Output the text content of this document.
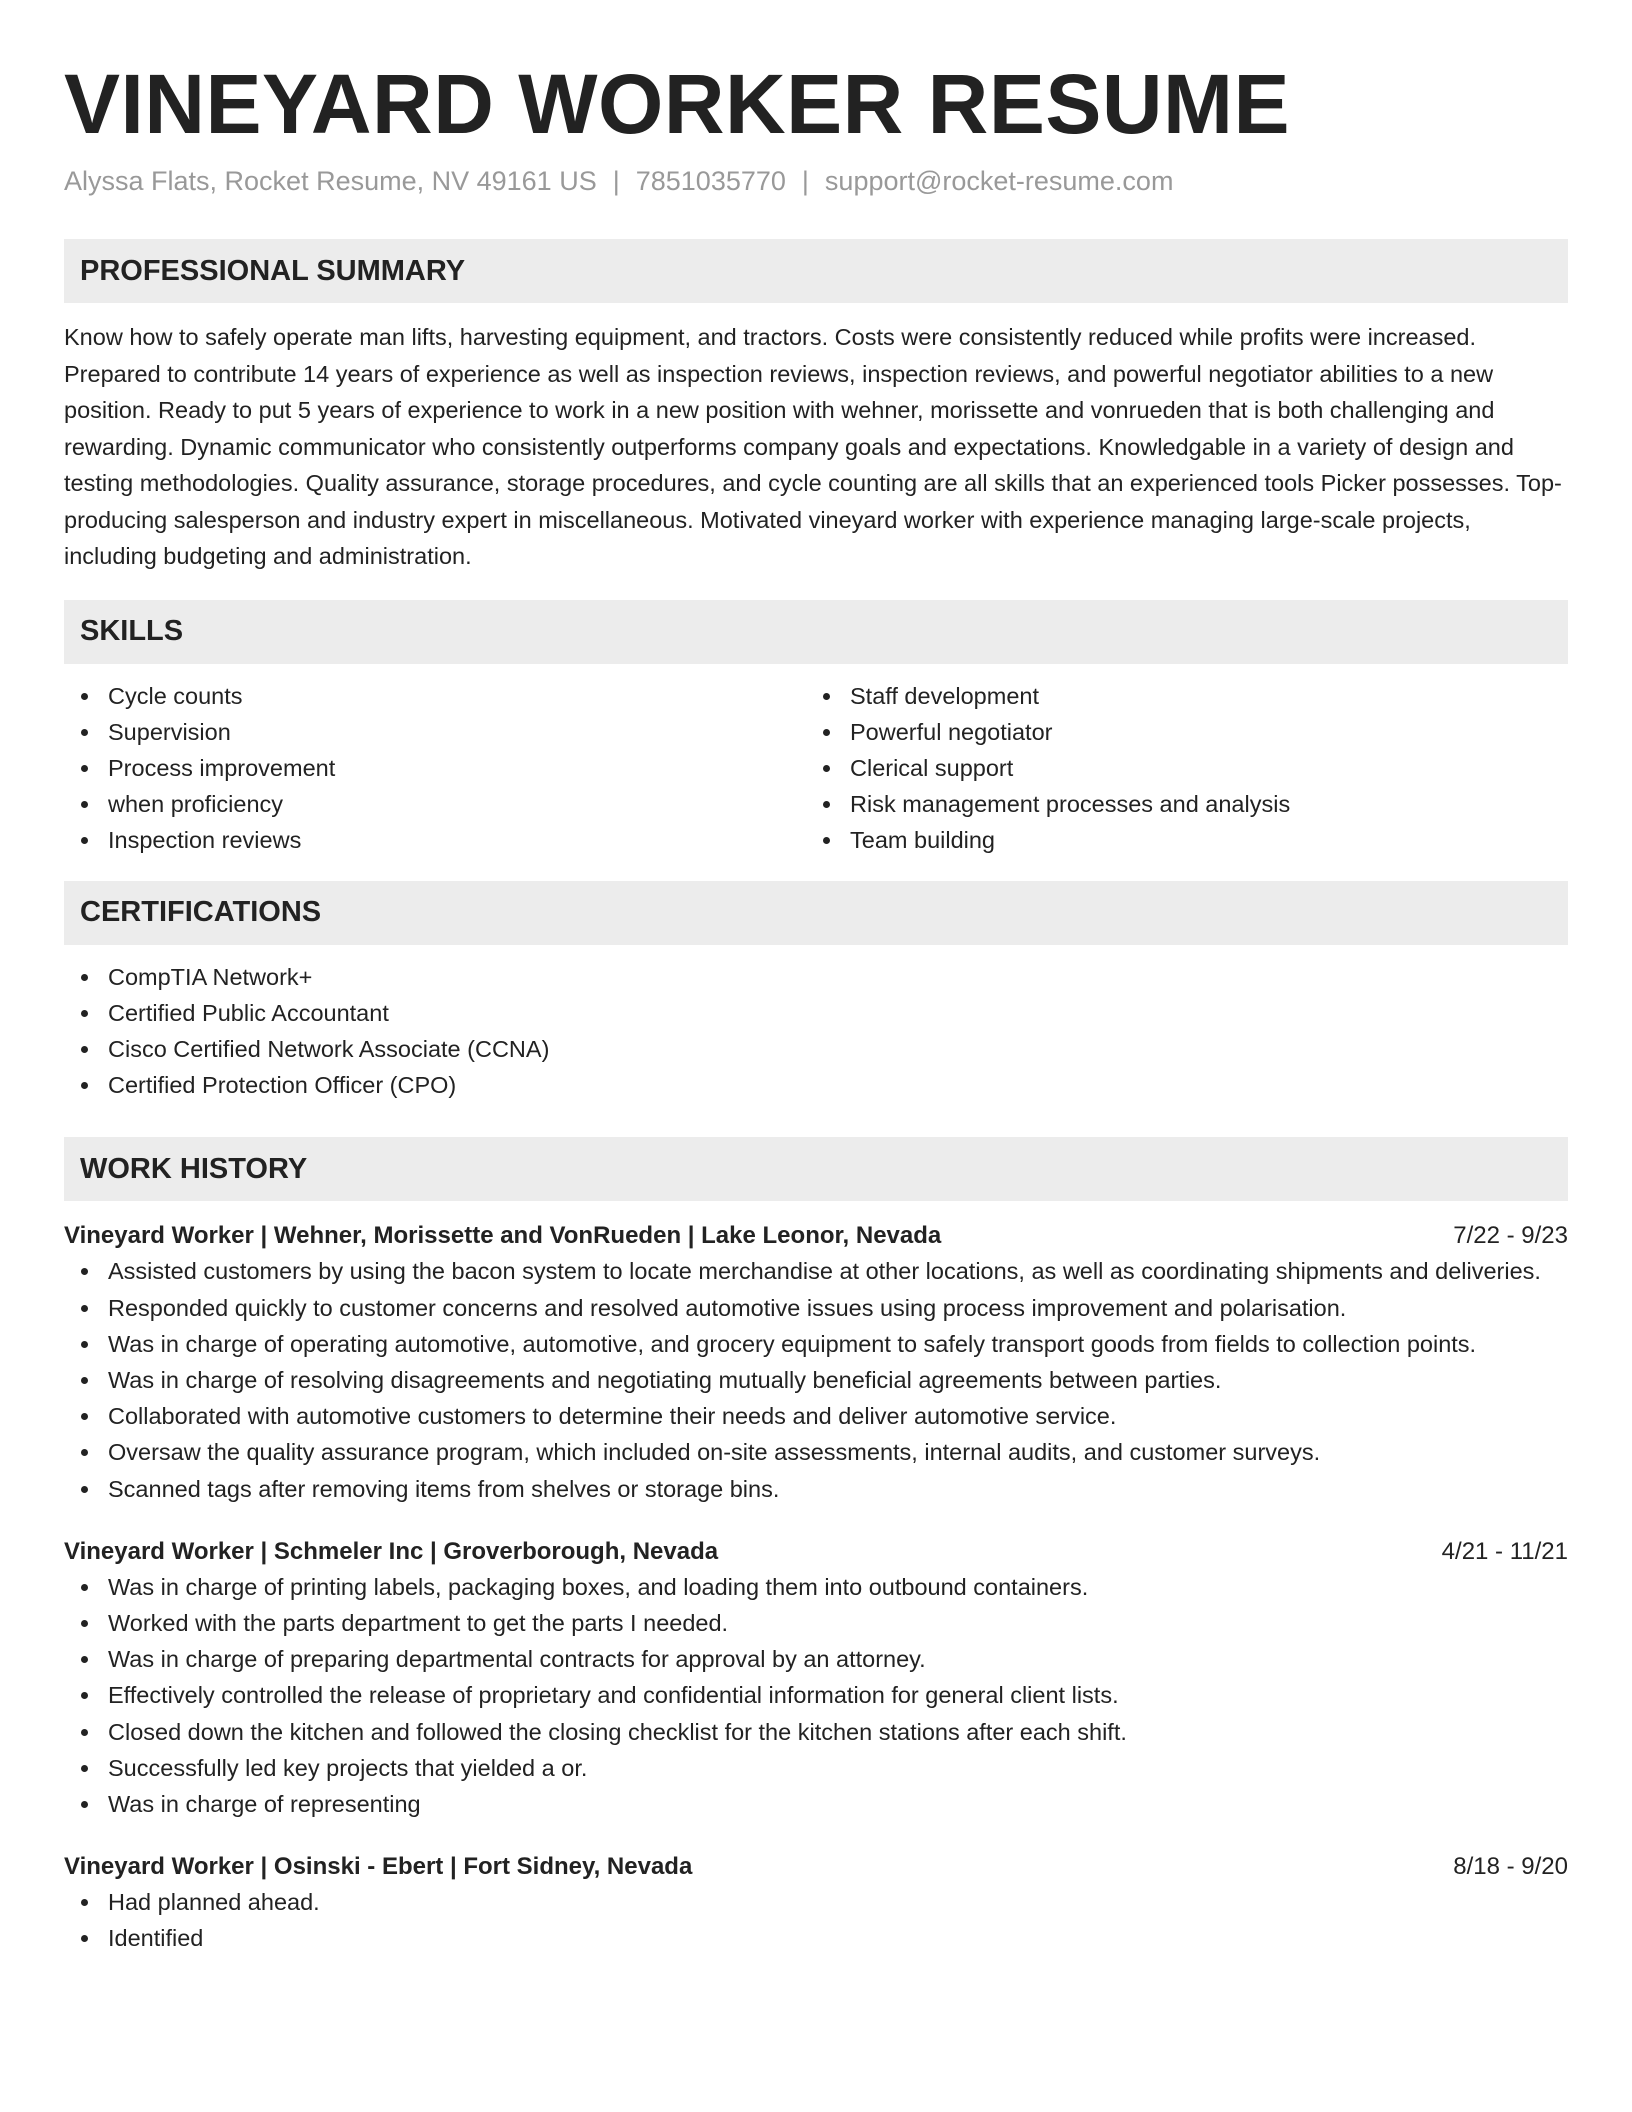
VINEYARD WORKER RESUME
Alyssa Flats, Rocket Resume, NV 49161 US | 7851035770 | support@rocket-resume.com
PROFESSIONAL SUMMARY

Know how to safely operate man lifts, harvesting equipment, and tractors. Costs were consistently reduced while profits were increased. Prepared to contribute 14 years of experience as well as inspection reviews, inspection reviews, and powerful negotiator abilities to a new position. Ready to put 5 years of experience to work in a new position with wehner, morissette and vonrueden that is both challenging and rewarding. Dynamic communicator who consistently outperforms company goals and expectations. Knowledgable in a variety of design and testing methodologies. Quality assurance, storage procedures, and cycle counting are all skills that an experienced tools Picker possesses. Top-producing salesperson and industry expert in miscellaneous. Motivated vineyard worker with experience managing large-scale projects, including budgeting and administration.

SKILLS
Cycle counts
Supervision
Process improvement
when proficiency
Inspection reviews
Staff development
Powerful negotiator
Clerical support
Risk management processes and analysis
Team building
CERTIFICATIONS
CompTIA Network+
Certified Public Accountant
Cisco Certified Network Associate (CCNA)
Certified Protection Officer (CPO)
WORK HISTORY
Vineyard Worker | Wehner, Morissette and VonRueden | Lake Leonor, Nevada	7/22 - 9/23
Assisted customers by using the bacon system to locate merchandise at other locations, as well as coordinating shipments and deliveries.
Responded quickly to customer concerns and resolved automotive issues using process improvement and polarisation.
Was in charge of operating automotive, automotive, and grocery equipment to safely transport goods from fields to collection points.
Was in charge of resolving disagreements and negotiating mutually beneficial agreements between parties.
Collaborated with automotive customers to determine their needs and deliver automotive service.
Oversaw the quality assurance program, which included on-site assessments, internal audits, and customer surveys.
Scanned tags after removing items from shelves or storage bins.
Vineyard Worker | Schmeler Inc | Groverborough, Nevada	4/21 - 11/21
Was in charge of printing labels, packaging boxes, and loading them into outbound containers.
Worked with the parts department to get the parts I needed.
Was in charge of preparing departmental contracts for approval by an attorney.
Effectively controlled the release of proprietary and confidential information for general client lists.
Closed down the kitchen and followed the closing checklist for the kitchen stations after each shift.
Successfully led key projects that yielded a or.
Was in charge of representing
Vineyard Worker | Osinski - Ebert | Fort Sidney, Nevada	8/18 - 9/20
Had planned ahead.
Identified
